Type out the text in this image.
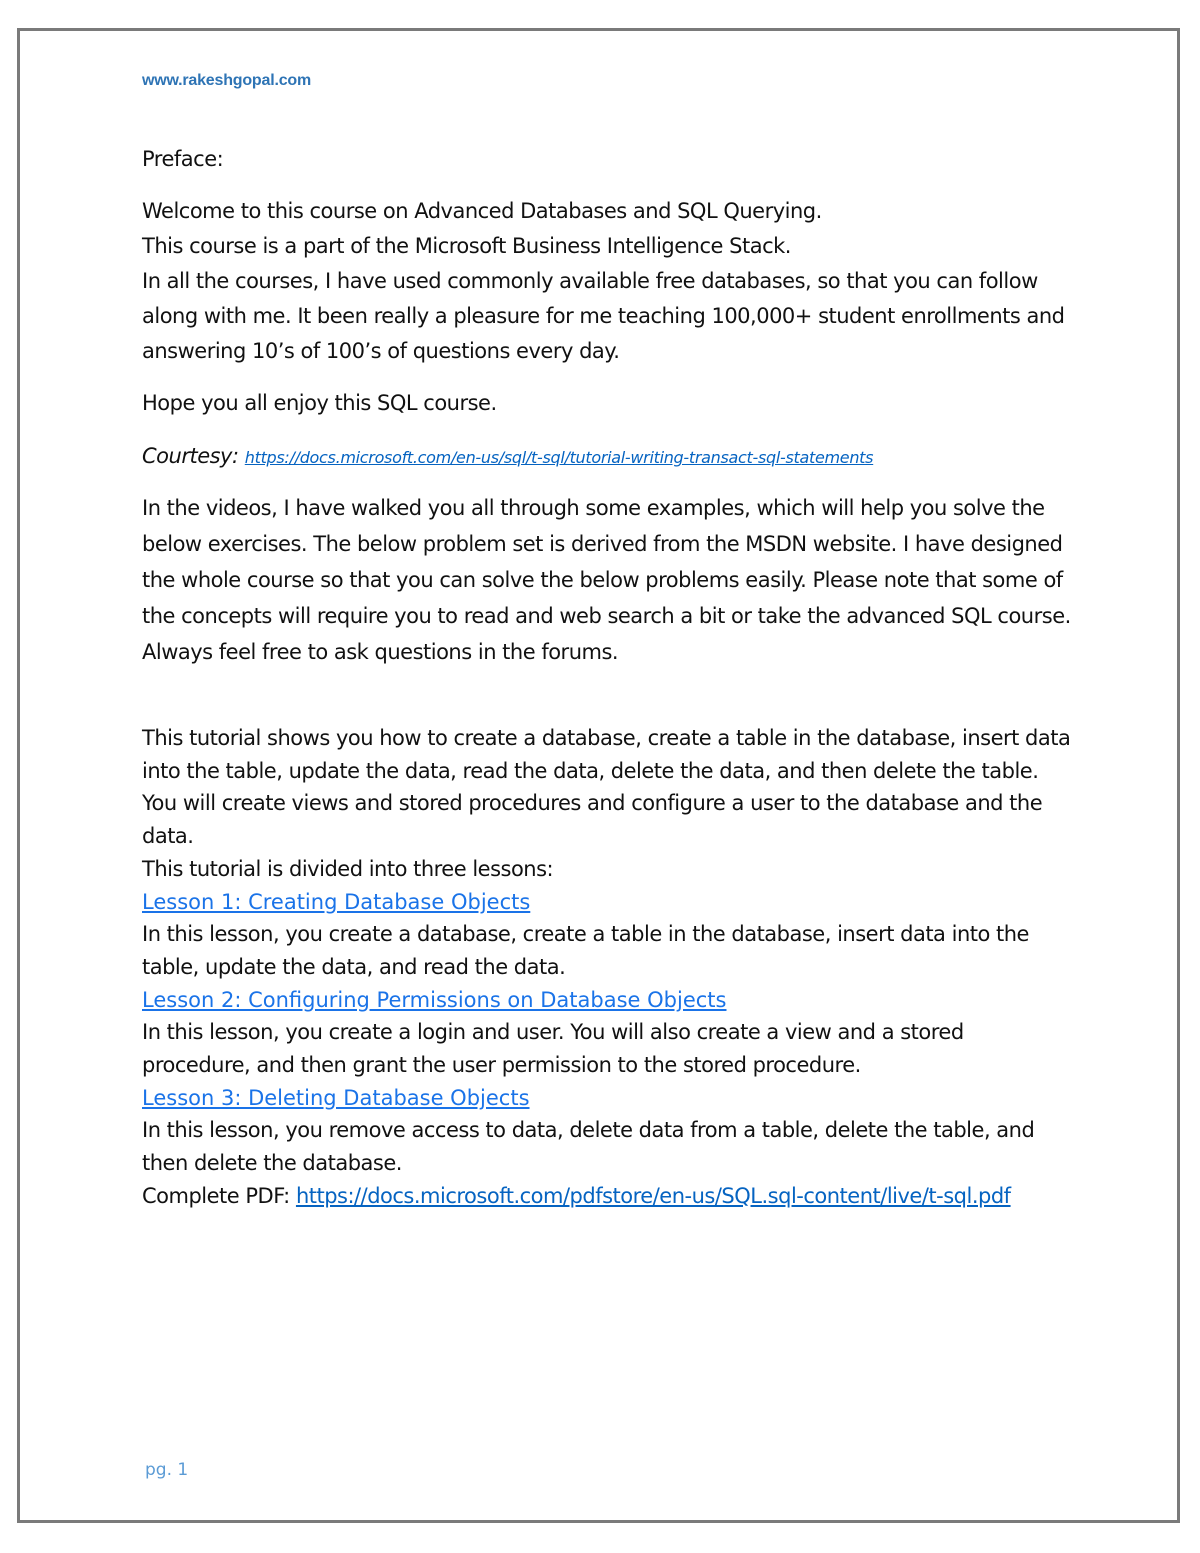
www.rakeshgopal.com

Preface:

Welcome to this course on Advanced Databases and SQL Querying.

This course is a part of the Microsoft Business Intelligence Stack.

In all the courses, I have used commonly available free databases, so that you can follow along with me. It been really a pleasure for me teaching 100,000+ student enrollments and answering 10’s of 100’s of questions every day.

Hope you all enjoy this SQL course.

Courtesy: https://docs.microsoft.com/en-us/sql/t-sql/tutorial-writing-transact-sql-statements

In the videos, I have walked you all through some examples, which will help you solve the below exercises. The below problem set is derived from the MSDN website. I have designed the whole course so that you can solve the below problems easily. Please note that some of the concepts will require you to read and web search a bit or take the advanced SQL course. Always feel free to ask questions in the forums.

This tutorial shows you how to create a database, create a table in the database, insert data into the table, update the data, read the data, delete the data, and then delete the table. You will create views and stored procedures and configure a user to the database and the data.

This tutorial is divided into three lessons:

Lesson 1: Creating Database Objects

In this lesson, you create a database, create a table in the database, insert data into the table, update the data, and read the data.

Lesson 2: Configuring Permissions on Database Objects

In this lesson, you create a login and user. You will also create a view and a stored procedure, and then grant the user permission to the stored procedure.

Lesson 3: Deleting Database Objects

In this lesson, you remove access to data, delete data from a table, delete the table, and then delete the database.

Complete PDF: https://docs.microsoft.com/pdfstore/en-us/SQL.sql-content/live/t-sql.pdf

pg. 1
